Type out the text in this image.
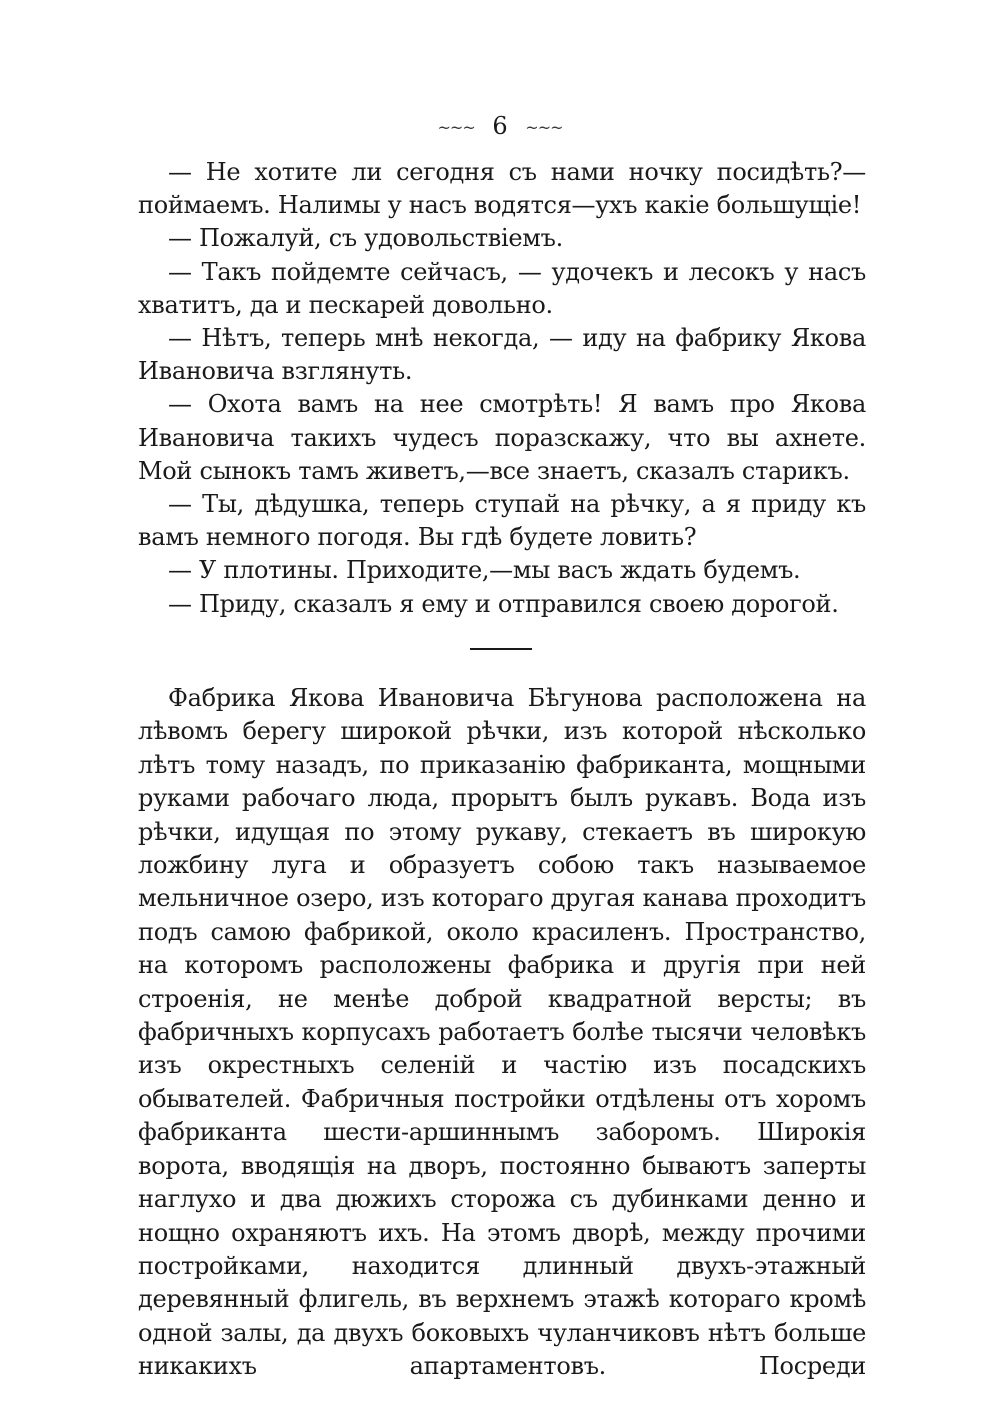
~~~ 6 ~~~

— Не хотите ли сегодня съ нами ночку посидѣть?—поймаемъ. Налимы у насъ водятся—ухъ какіе большущіе!

— Пожалуй, съ удовольствіемъ.

— Такъ пойдемте сейчасъ, — удочекъ и лесокъ у насъ хватитъ, да и пескарей довольно.

— Нѣтъ, теперь мнѣ некогда, — иду на фабрику Якова Ивановича взглянуть.

— Охота вамъ на нее смотрѣть! Я вамъ про Якова Ивановича такихъ чудесъ поразскажу, что вы ахнете. Мой сынокъ тамъ живетъ,—все знаетъ, сказалъ старикъ.

— Ты, дѣдушка, теперь ступай на рѣчку, а я приду къ вамъ немного погодя. Вы гдѣ будете ловить?

— У плотины. Приходите,—мы васъ ждать будемъ.

— Приду, сказалъ я ему и отправился своею дорогой.

Фабрика Якова Ивановича Бѣгунова расположена на лѣвомъ берегу широкой рѣчки, изъ которой нѣсколько лѣтъ тому назадъ, по приказанію фабриканта, мощными руками рабочаго люда, прорытъ былъ рукавъ. Вода изъ рѣчки, идущая по этому рукаву, стекаетъ въ широкую ложбину луга и образуетъ собою такъ называемое мельничное озеро, изъ котораго другая канава проходитъ подъ самою фабрикой, около красиленъ. Пространство, на которомъ расположены фабрика и другія при ней строенія, не менѣе доброй квадратной версты; въ фабричныхъ корпусахъ работаетъ болѣе тысячи человѣкъ изъ окрестныхъ селеній и частію изъ посадскихъ обывателей. Фабричныя постройки отдѣлены отъ хоромъ фабриканта шести-аршиннымъ заборомъ. Широкія ворота, вводящія на дворъ, постоянно бываютъ заперты наглухо и два дюжихъ сторожа съ дубинками денно и нощно охраняютъ ихъ. На этомъ дворѣ, между прочими постройками, находится длинный двухъ-этажный деревянный флигель, въ верхнемъ этажѣ котораго кромѣ одной залы, да двухъ боковыхъ чуланчиковъ нѣтъ больше никакихъ апартаментовъ. Посреди
